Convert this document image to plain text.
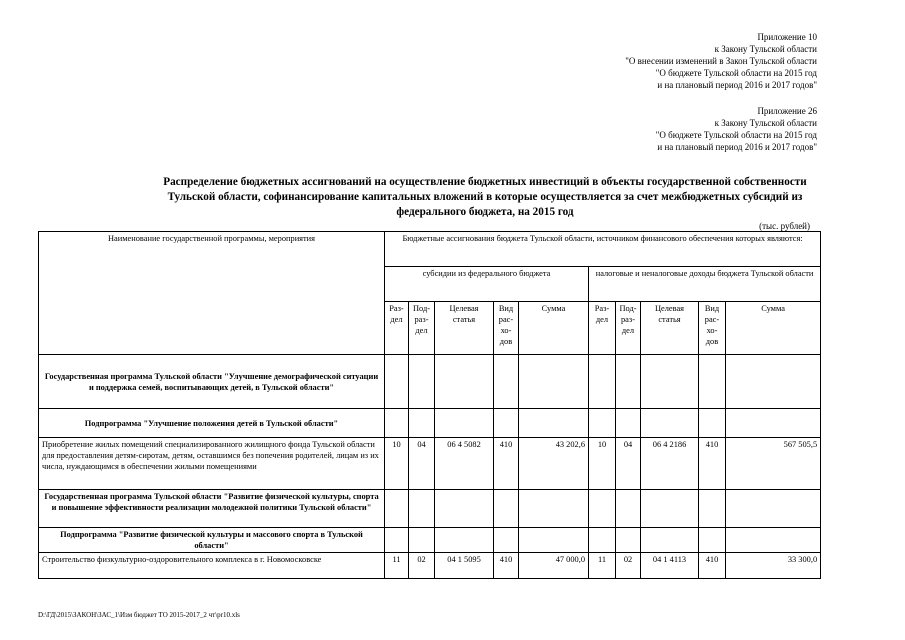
Приложение 10
к Закону Тульской области
"О внесении изменений в Закон Тульской области
"О бюджете Тульской области на 2015 год
и на плановый период 2016 и 2017 годов"
Приложение 26
к Закону Тульской области
"О бюджете Тульской области на 2015 год
и на плановый период 2016 и 2017 годов"
Распределение бюджетных ассигнований на осуществление бюджетных инвестиций в объекты государственной собственности Тульской области, софинансирование капитальных вложений в которые осуществляется за счет межбюджетных субсидий из федерального бюджета, на 2015 год
(тыс. рублей)
Наименование государственной программы, мероприятия	Бюджетные ассигнования бюджета Тульской области, источником финансового обеспечения которых являются:									
	субсидии из федерального бюджета					налоговые и неналоговые доходы бюджета Тульской области				
	Раз-дел	Под-раз-дел	Целевая статья	Вид рас-хо-дов	Сумма	Раз-дел	Под-раз-дел	Целевая статья	Вид рас-хо-дов	Сумма
Государственная программа Тульской области "Улучшение демографической ситуации и поддержка семей, воспитывающих детей, в Тульской области"										
Подпрограмма "Улучшение положения детей в Тульской области"										
Приобретение жилых помещений специализированного жилищного фонда Тульской области для предоставления детям-сиротам, детям, оставшимся без попечения родителей, лицам из их числа, нуждающимся в обеспечении жилыми помещениями	10	04	06 4 5082	410	43 202,6	10	04	06 4 2186	410	567 505,5
Государственная программа Тульской области "Развитие физической культуры, спорта и повышение эффективности реализации молодежной политики Тульской области"										
Подпрограмма "Развитие физической культуры и массового спорта в Тульской области"										
Строительство физкультурно-оздоровительного комплекса в г. Новомосковске	11	02	04 1 5095	410	47 000,0	11	02	04 1 4113	410	33 300,0
D:\ГД\2015\ЗАКОН\ЗАС_1\Изм бюджет ТО 2015-2017_2 чт\pr10.xls
